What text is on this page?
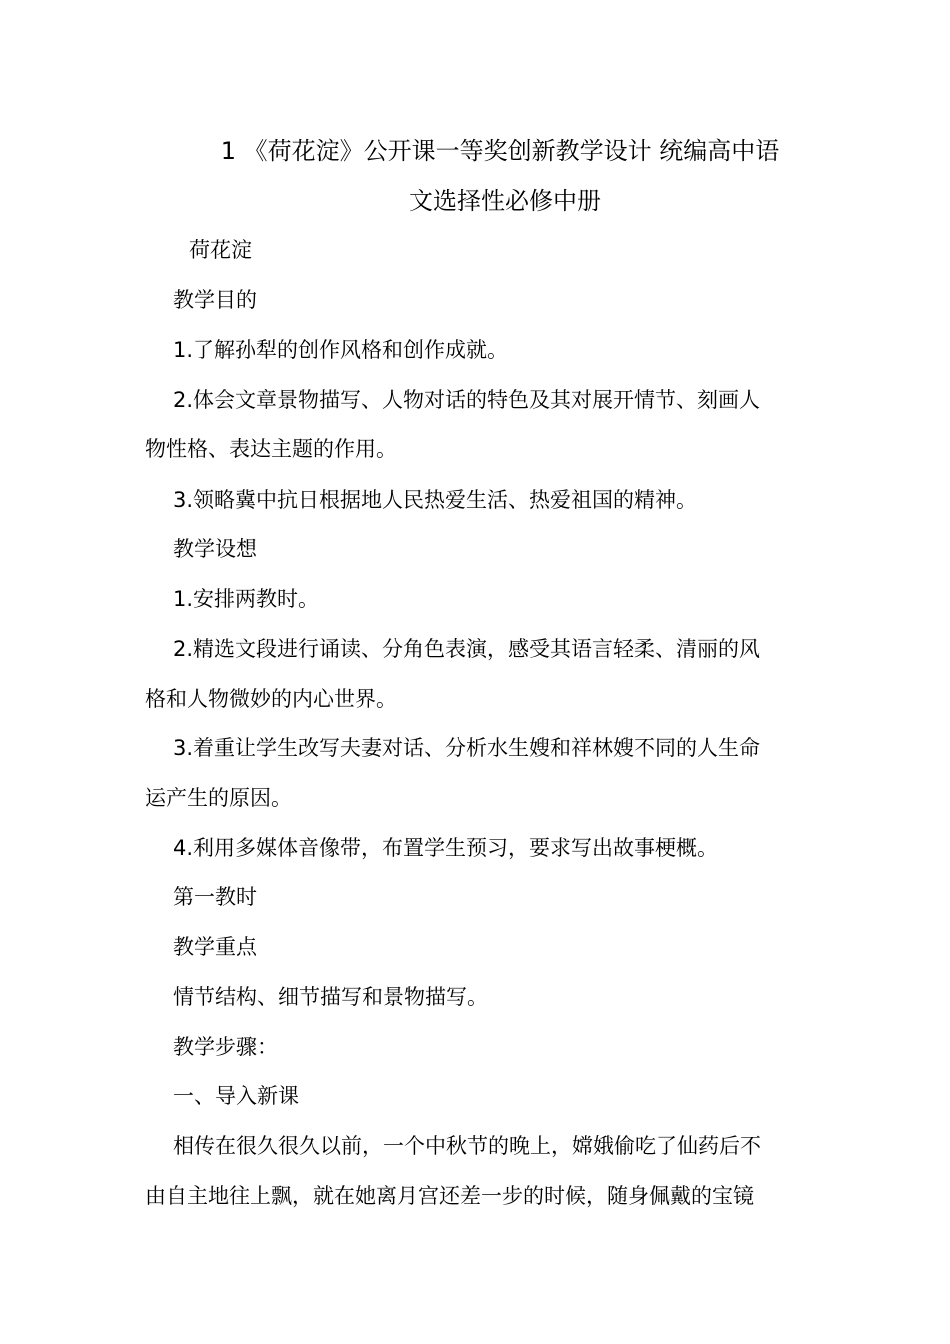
1 《荷花淀》公开课一等奖创新教学设计 统编高中语
文选择性必修中册

荷花淀

教学目的

1.了解孙犁的创作风格和创作成就。

2.体会文章景物描写、人物对话的特色及其对展开情节、刻画人

物性格、表达主题的作用。

3.领略冀中抗日根据地人民热爱生活、热爱祖国的精神。

教学设想

1.安排两教时。

2.精选文段进行诵读、分角色表演，感受其语言轻柔、清丽的风

格和人物微妙的内心世界。

3.着重让学生改写夫妻对话、分析水生嫂和祥林嫂不同的人生命

运产生的原因。

4.利用多媒体音像带，布置学生预习，要求写出故事梗概。

第一教时

教学重点

情节结构、细节描写和景物描写。

教学步骤：

一、导入新课

相传在很久很久以前，一个中秋节的晚上，嫦娥偷吃了仙药后不

由自主地往上飘，就在她离月宫还差一步的时候，随身佩戴的宝镜
